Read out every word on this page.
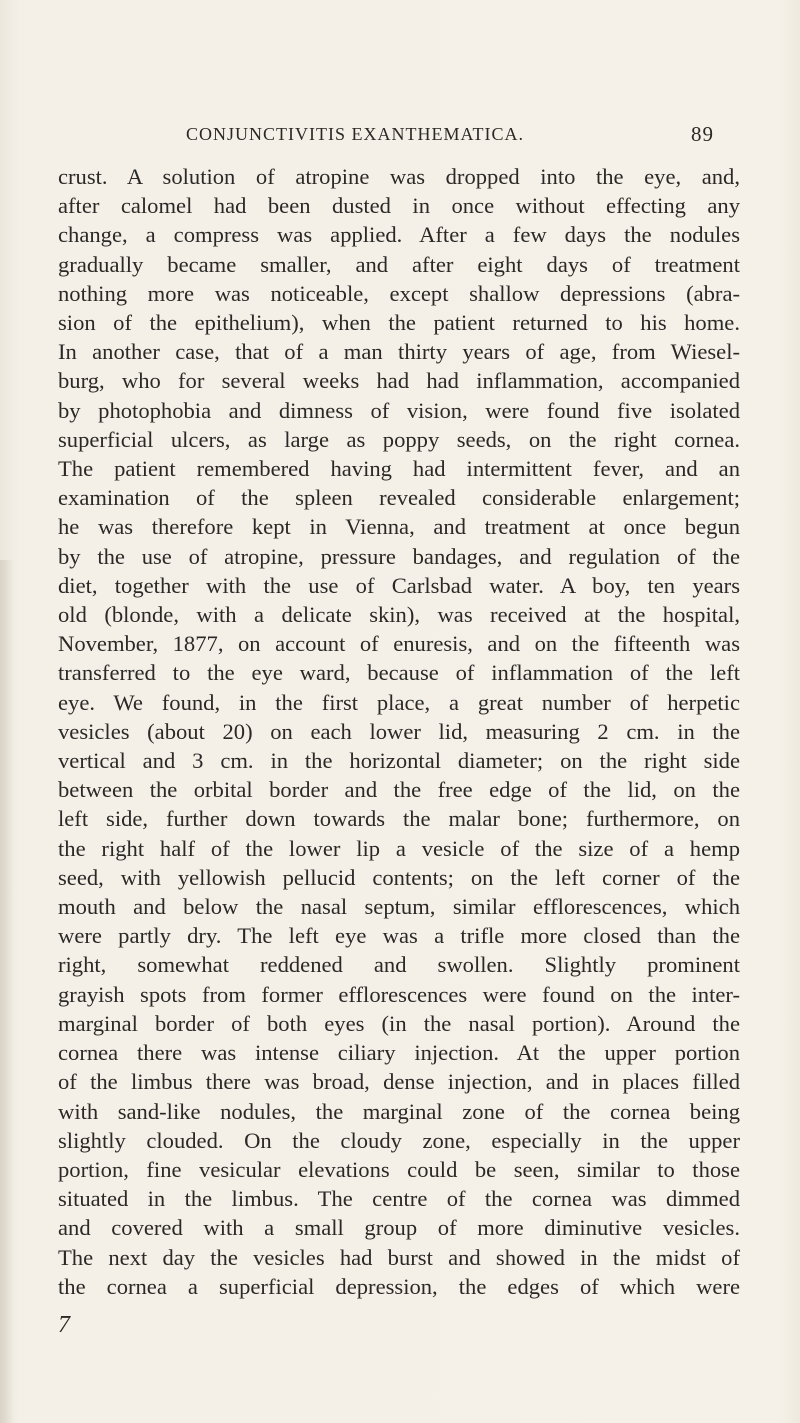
CONJUNCTIVITIS EXANTHEMATICA.	89
crust. A solution of atropine was dropped into the eye, and,
after calomel had been dusted in once without effecting any
change, a compress was applied. After a few days the nodules
gradually became smaller, and after eight days of treatment
nothing more was noticeable, except shallow depressions (abra-
sion of the epithelium), when the patient returned to his home.
In another case, that of a man thirty years of age, from Wiesel-
burg, who for several weeks had had inflammation, accompanied
by photophobia and dimness of vision, were found five isolated
superficial ulcers, as large as poppy seeds, on the right cornea.
The patient remembered having had intermittent fever, and an
examination of the spleen revealed considerable enlargement;
he was therefore kept in Vienna, and treatment at once begun
by the use of atropine, pressure bandages, and regulation of the
diet, together with the use of Carlsbad water. A boy, ten years
old (blonde, with a delicate skin), was received at the hospital,
November, 1877, on account of enuresis, and on the fifteenth was
transferred to the eye ward, because of inflammation of the left
eye. We found, in the first place, a great number of herpetic
vesicles (about 20) on each lower lid, measuring 2 cm. in the
vertical and 3 cm. in the horizontal diameter; on the right side
between the orbital border and the free edge of the lid, on the
left side, further down towards the malar bone; furthermore, on
the right half of the lower lip a vesicle of the size of a hemp
seed, with yellowish pellucid contents; on the left corner of the
mouth and below the nasal septum, similar efflorescences, which
were partly dry. The left eye was a trifle more closed than the
right, somewhat reddened and swollen. Slightly prominent
grayish spots from former efflorescences were found on the inter-
marginal border of both eyes (in the nasal portion). Around the
cornea there was intense ciliary injection. At the upper portion
of the limbus there was broad, dense injection, and in places filled
with sand-like nodules, the marginal zone of the cornea being
slightly clouded. On the cloudy zone, especially in the upper
portion, fine vesicular elevations could be seen, similar to those
situated in the limbus. The centre of the cornea was dimmed
and covered with a small group of more diminutive vesicles.
The next day the vesicles had burst and showed in the midst of
the cornea a superficial depression, the edges of which were
7
